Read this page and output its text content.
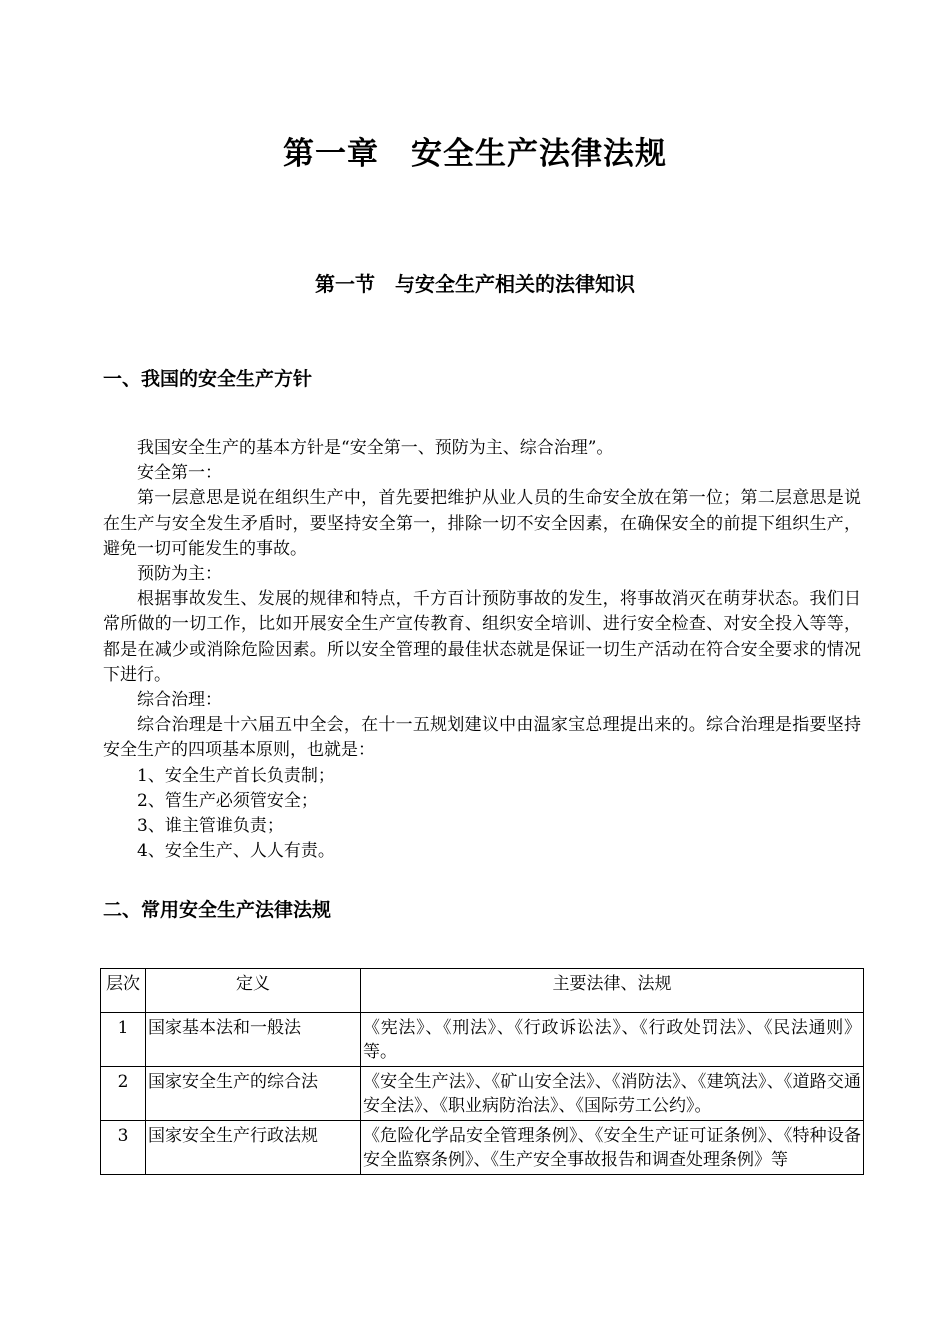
第一章　安全生产法律法规
第一节　与安全生产相关的法律知识
一、我国的安全生产方针

我国安全生产的基本方针是“安全第一、预防为主、综合治理”。

安全第一：

第一层意思是说在组织生产中，首先要把维护从业人员的生命安全放在第一位；第二层意思是说在生产与安全发生矛盾时，要坚持安全第一，排除一切不安全因素，在确保安全的前提下组织生产，避免一切可能发生的事故。

预防为主：

根据事故发生、发展的规律和特点，千方百计预防事故的发生，将事故消灭在萌芽状态。我们日常所做的一切工作，比如开展安全生产宣传教育、组织安全培训、进行安全检查、对安全投入等等，都是在减少或消除危险因素。所以安全管理的最佳状态就是保证一切生产活动在符合安全要求的情况下进行。

综合治理：

综合治理是十六届五中全会，在十一五规划建议中由温家宝总理提出来的。综合治理是指要坚持安全生产的四项基本原则，也就是：

1、安全生产首长负责制；

2、管生产必须管安全；

3、谁主管谁负责；

4、安全生产、人人有责。

二、常用安全生产法律法规
层次	定义	主要法律、法规
1	国家基本法和一般法	《宪法》、《刑法》、《行政诉讼法》、《行政处罚法》、《民法通则》等。
2	国家安全生产的综合法	《安全生产法》、《矿山安全法》、《消防法》、《建筑法》、《道路交通安全法》、《职业病防治法》、《国际劳工公约》。
3	国家安全生产行政法规	《危险化学品安全管理条例》、《安全生产证可证条例》、《特种设备安全监察条例》、《生产安全事故报告和调查处理条例》等
